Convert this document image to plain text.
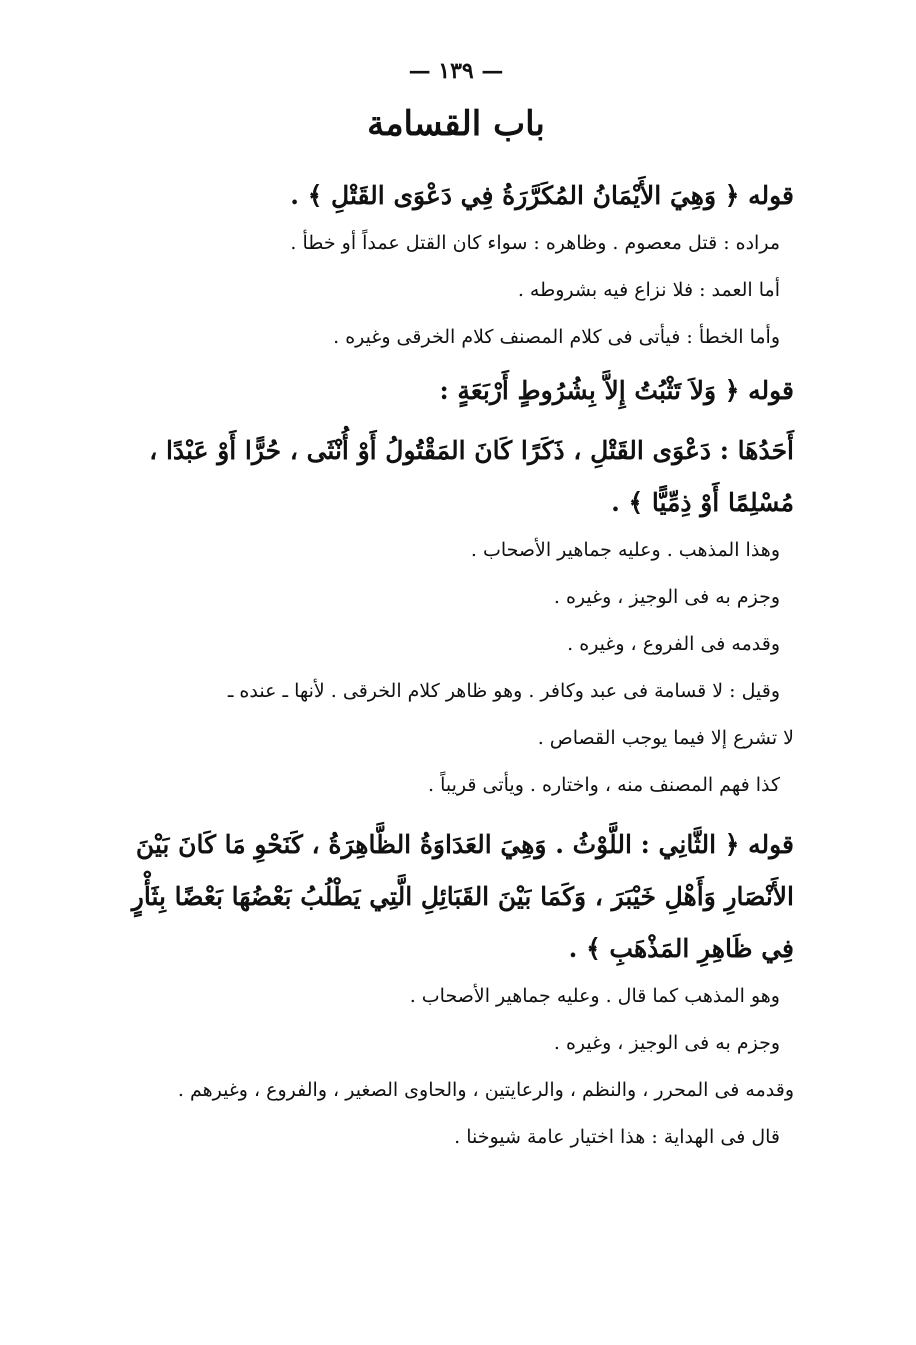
— ١٣٩ —
باب القسامة

قوله ﴿ وَهِيَ الأَيْمَانُ المُكَرَّرَةُ فِي دَعْوَى القَتْلِ ﴾ .

مراده : قتل معصوم . وظاهره : سواء كان القتل عمداً أو خطأ .

أما العمد : فلا نزاع فيه بشروطه .

وأما الخطأ : فيأتى فى كلام المصنف كلام الخرقى وغيره .

قوله ﴿ وَلاَ تَثْبُتُ إِلاَّ بِشُرُوطٍ أَرْبَعَةٍ :

أَحَدُهَا : دَعْوَى القَتْلِ ، ذَكَرًا كَانَ المَقْتُولُ أَوْ أُنْثَى ، حُرًّا أَوْ عَبْدًا ، مُسْلِمًا أَوْ ذِمِّيًّا ﴾ .

وهذا المذهب . وعليه جماهير الأصحاب .

وجزم به فى الوجيز ، وغيره .

وقدمه فى الفروع ، وغيره .

وقيل : لا قسامة فى عبد وكافر . وهو ظاهر كلام الخرقى . لأنها ـ عنده ـ

لا تشرع إلا فيما يوجب القصاص .

كذا فهم المصنف منه ، واختاره . ويأتى قريباً .

قوله ﴿ الثَّانِي : اللَّوْثُ . وَهِيَ العَدَاوَةُ الظَّاهِرَةُ ، كَنَحْوِ مَا كَانَ بَيْنَ الأَنْصَارِ وَأَهْلِ خَيْبَرَ ، وَكَمَا بَيْنَ القَبَائِلِ الَّتِي يَطْلُبُ بَعْضُهَا بَعْضًا بِثَأْرٍ فِي ظَاهِرِ المَذْهَبِ ﴾ .

وهو المذهب كما قال . وعليه جماهير الأصحاب .

وجزم به فى الوجيز ، وغيره .

وقدمه فى المحرر ، والنظم ، والرعايتين ، والحاوى الصغير ، والفروع ، وغيرهم .

قال فى الهداية : هذا اختيار عامة شيوخنا .
